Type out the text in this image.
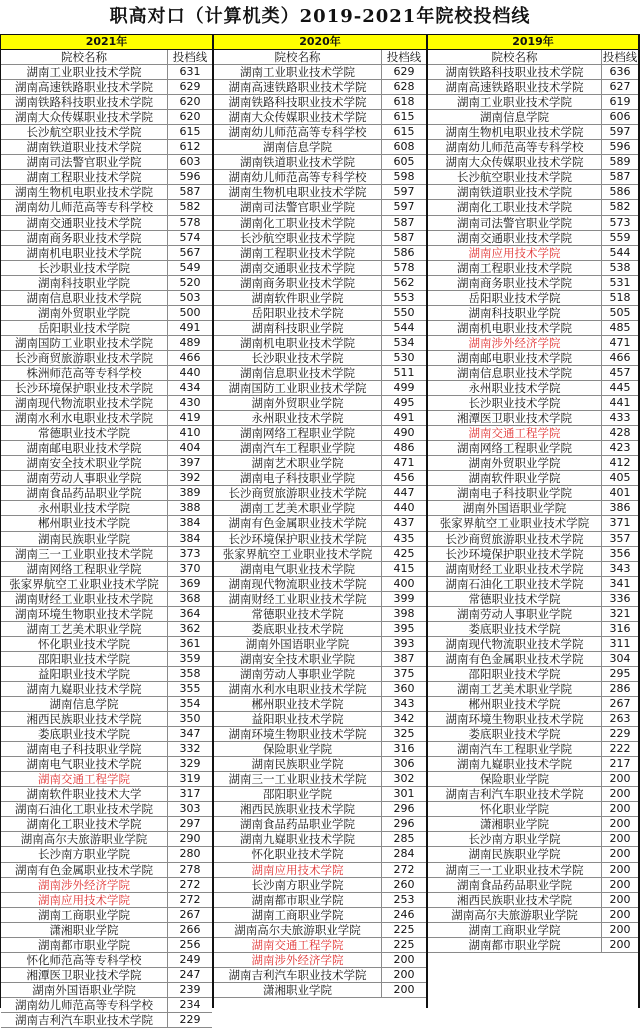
职高对口（计算机类）2019-2021年院校投档线
2021年
院校名称	投档线
湖南工业职业技术学院	631
湖南高速铁路职业技术学院	629
湖南铁路科技职业技术学院	620
湖南大众传媒职业技术学院	620
长沙航空职业技术学院	615
湖南铁道职业技术学院	612
湖南司法警官职业学院	603
湖南工程职业技术学院	596
湖南生物机电职业技术学院	587
湖南幼儿师范高等专科学校	582
湖南交通职业技术学院	578
湖南商务职业技术学院	574
湖南机电职业技术学院	567
长沙职业技术学院	549
湖南科技职业学院	520
湖南信息职业技术学院	503
湖南外贸职业学院	500
岳阳职业技术学院	491
湖南国防工业职业技术学院	489
长沙商贸旅游职业技术学院	466
株洲师范高等专科学校	440
长沙环境保护职业技术学院	434
湖南现代物流职业技术学院	430
湖南水利水电职业技术学院	419
常德职业技术学院	410
湖南邮电职业技术学院	404
湖南安全技术职业学院	397
湖南劳动人事职业学院	392
湖南食品药品职业学院	389
永州职业技术学院	388
郴州职业技术学院	384
湖南民族职业学院	384
湖南三一工业职业技术学院	373
湖南网络工程职业学院	370
张家界航空工业职业技术学院	369
湖南财经工业职业技术学院	368
湖南环境生物职业技术学院	364
湖南工艺美术职业学院	362
怀化职业技术学院	361
邵阳职业技术学院	359
益阳职业技术学院	358
湖南九嶷职业技术学院	355
湖南信息学院	354
湘西民族职业技术学院	350
娄底职业技术学院	347
湖南电子科技职业学院	332
湖南电气职业技术学院	329
湖南交通工程学院	319
湖南软件职业技术大学	317
湖南石油化工职业技术学院	303
湖南化工职业技术学院	297
湖南高尔夫旅游职业学院	290
长沙南方职业学院	280
湖南有色金属职业技术学院	278
湖南涉外经济学院	272
湖南应用技术学院	272
湖南工商职业学院	267
潇湘职业学院	266
湖南都市职业学院	256
怀化师范高等专科学校	249
湘潭医卫职业技术学院	247
湖南外国语职业学院	239
湖南幼儿师范高等专科学校	234
湖南吉利汽车职业技术学院	229
2020年
院校名称	投档线
湖南工业职业技术学院	629
湖南高速铁路职业技术学院	628
湖南铁路科技职业技术学院	618
湖南大众传媒职业技术学院	615
湖南幼儿师范高等专科学校	615
湖南信息学院	608
湖南铁道职业技术学院	605
湖南幼儿师范高等专科学校	598
湖南生物机电职业技术学院	597
湖南司法警官职业学院	597
湖南化工职业技术学院	587
长沙航空职业技术学院	587
湖南工程职业技术学院	586
湖南交通职业技术学院	578
湖南商务职业技术学院	562
湖南软件职业学院	553
岳阳职业技术学院	550
湖南科技职业学院	544
湖南机电职业技术学院	534
长沙职业技术学院	530
湖南信息职业技术学院	511
湖南国防工业职业技术学院	499
湖南外贸职业学院	495
永州职业技术学院	491
湖南网络工程职业学院	490
湖南汽车工程职业学院	486
湖南艺术职业学院	471
湖南电子科技职业学院	456
长沙商贸旅游职业技术学院	447
湖南工艺美术职业学院	440
湖南有色金属职业技术学院	437
长沙环境保护职业技术学院	435
张家界航空工业职业技术学院	425
湖南电气职业技术学院	415
湖南现代物流职业技术学院	400
湖南财经工业职业技术学院	399
常德职业技术学院	398
娄底职业技术学院	395
湖南外国语职业学院	393
湖南安全技术职业学院	387
湖南劳动人事职业学院	375
湖南水利水电职业技术学院	360
郴州职业技术学院	343
益阳职业技术学院	342
湖南环境生物职业技术学院	325
保险职业学院	316
湖南民族职业学院	306
湖南三一工业职业技术学院	302
邵阳职业学院	301
湘西民族职业技术学院	296
湖南食品药品职业学院	296
湖南九嶷职业技术学院	285
怀化职业技术学院	284
湖南应用技术学院	272
长沙南方职业学院	260
湖南都市职业学院	253
湖南工商职业学院	246
湖南高尔夫旅游职业学院	225
湖南交通工程学院	225
湖南涉外经济学院	200
湖南吉利汽车职业技术学院	200
潇湘职业学院	200
2019年
院校名称	投档线
湖南铁路科技职业技术学院	636
湖南高速铁路职业技术学院	627
湖南工业职业技术学院	619
湖南信息学院	606
湖南生物机电职业技术学院	597
湖南幼儿师范高等专科学校	596
湖南大众传媒职业技术学院	589
长沙航空职业技术学院	587
湖南铁道职业技术学院	586
湖南化工职业技术学院	582
湖南司法警官职业学院	573
湖南交通职业技术学院	559
湖南应用技术学院	544
湖南工程职业技术学院	538
湖南商务职业技术学院	531
岳阳职业技术学院	518
湖南科技职业学院	505
湖南机电职业技术学院	485
湖南涉外经济学院	471
湖南邮电职业技术学院	466
湖南信息职业技术学院	457
永州职业技术学院	445
长沙职业技术学院	441
湘潭医卫职业技术学院	433
湖南交通工程学院	428
湖南网络工程职业学院	423
湖南外贸职业学院	412
湖南软件职业学院	405
湖南电子科技职业学院	401
湖南外国语职业学院	386
张家界航空工业职业技术学院	371
长沙商贸旅游职业技术学院	357
长沙环境保护职业技术学院	356
湖南财经工业职业技术学院	343
湖南石油化工职业技术学院	341
常德职业技术学院	336
湖南劳动人事职业学院	321
娄底职业技术学院	316
湖南现代物流职业技术学院	311
湖南有色金属职业技术学院	304
邵阳职业技术学院	295
湖南工艺美术职业学院	286
郴州职业技术学院	267
湖南环境生物职业技术学院	263
娄底职业技术学院	229
湖南汽车工程职业学院	222
湖南九嶷职业技术学院	217
保险职业学院	200
湖南吉利汽车职业技术学院	200
怀化职业学院	200
潇湘职业学院	200
长沙南方职业学院	200
湖南民族职业学院	200
湖南三一工业职业技术学院	200
湖南食品药品职业学院	200
湘西民族职业技术学院	200
湖南高尔夫旅游职业学院	200
湖南工商职业学院	200
湖南都市职业学院	200
